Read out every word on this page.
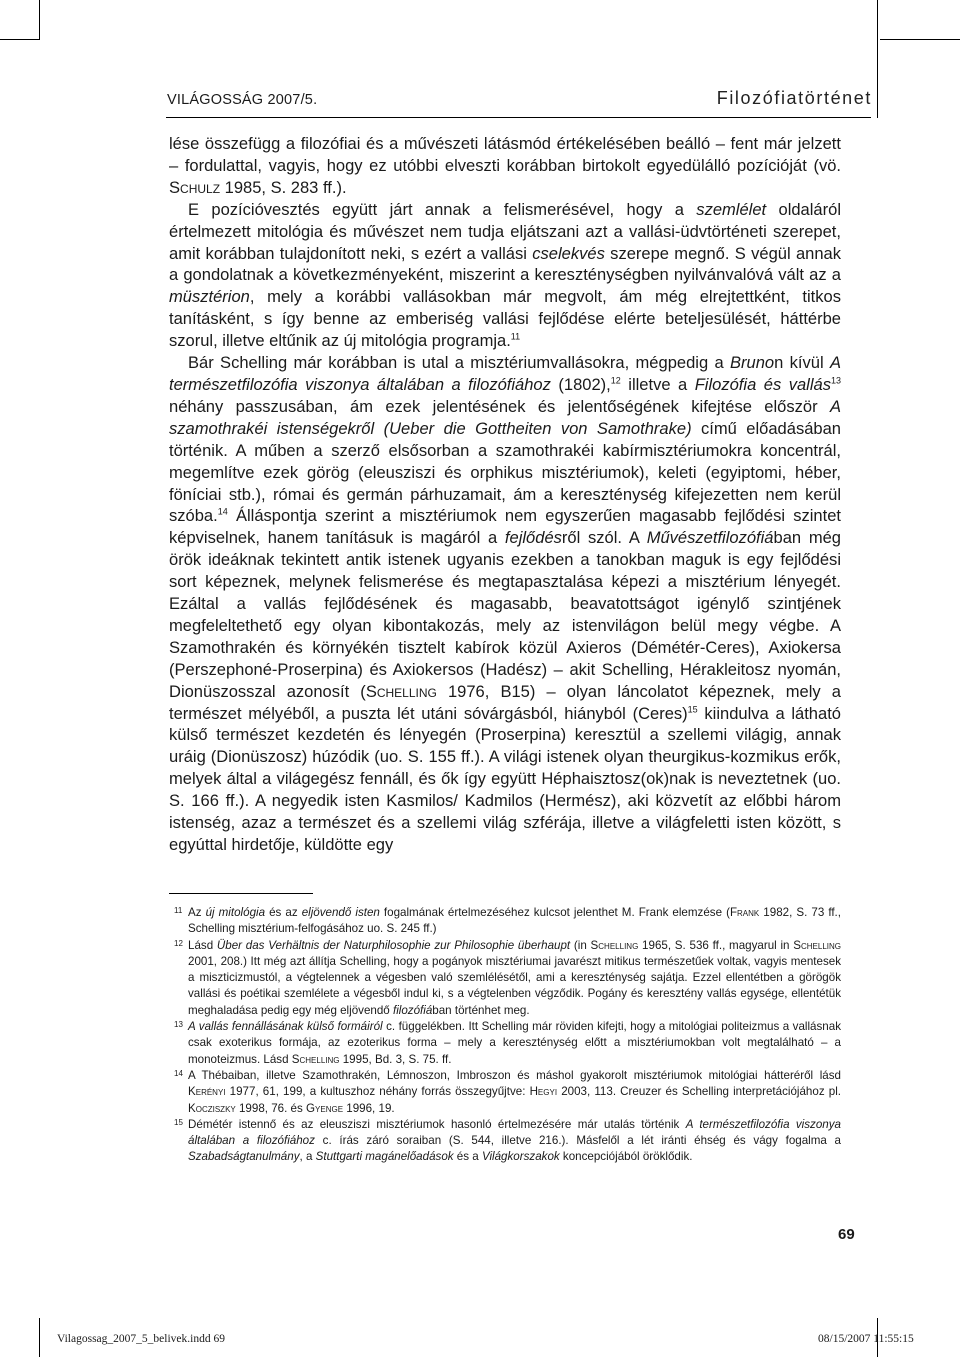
VILÁGOSSÁG 2007/5.	Filozófiatörténet

lése összefügg a filozófiai és a művészeti látásmód értékelésében beálló – fent már jelzett – fordulattal, vagyis, hogy ez utóbbi elveszti korábban birtokolt egyedülálló pozícióját (vö. Schulz 1985, S. 283 ff.).

E pozícióvesztés együtt járt annak a felismerésével, hogy a szemlélet oldaláról értelmezett mitológia és művészet nem tudja eljátszani azt a vallási-üdvtörténeti szerepet, amit korábban tulajdonított neki, s ezért a vallási cselekvés szerepe megnő. S végül annak a gondolatnak a következményeként, miszerint a kereszténységben nyilvánvalóvá vált az a müsztérion, mely a korábbi vallásokban már megvolt, ám még elrejtettként, titkos tanításként, s így benne az emberiség vallási fejlődése elérte beteljesülését, háttérbe szorul, illetve eltűnik az új mitológia programja.$^{11}$

Bár Schelling már korábban is utal a misztériumvallásokra, mégpedig a Brunon kívül A természetfilozófia viszonya általában a filozófiához (1802),$^{12}$ illetve a Filozófia és vallás$^{13}$ néhány passzusában, ám ezek jelentésének és jelentőségének kifejtése először A szamothrakéi istenségekről (Ueber die Gottheiten von Samothrake) című előadásában történik. A műben a szerző elsősorban a szamothrakéi kabírmisztériumokra koncentrál, megemlítve ezek görög (eleusziszi és orphikus misztériumok), keleti (egyiptomi, héber, föníciai stb.), római és germán párhuzamait, ám a kereszténység kifejezetten nem kerül szóba.$^{14}$ Álláspontja szerint a misztériumok nem egyszerűen magasabb fejlődési szintet képviselnek, hanem tanításuk is magáról a fejlődésről szól. A Művészetfilozófiában még örök ideáknak tekintett antik istenek ugyanis ezekben a tanokban maguk is egy fejlődési sort képeznek, melynek felismerése és megtapasztalása képezi a misztérium lényegét. Ezáltal a vallás fejlődésének és magasabb, beavatottságot igénylő szintjének megfeleltethető egy olyan kibontakozás, mely az istenvilágon belül megy végbe. A Szamothrakén és környékén tisztelt kabírok közül Axieros (Démétér-Ceres), Axiokersa (Perszephoné-Proserpina) és Axiokersos (Hadész) – akit Schelling, Hérakleitosz nyomán, Dionüszosszal azonosít (Schelling 1976, B15) – olyan láncolatot képeznek, mely a természet mélyéből, a puszta lét utáni sóvárgásból, hiányból (Ceres)$^{15}$ kiindulva a látható külső természet kezdetén és lényegén (Proserpina) keresztül a szellemi világig, annak uráig (Dionüszosz) húzódik (uo. S. 155 ff.). A világi istenek olyan theurgikus-kozmikus erők, melyek által a világegész fennáll, és ők így együtt Héphaisztosz(ok)nak is neveztetnek (uo. S. 166 ff.). A negyedik isten Kasmilos/ Kadmilos (Hermész), aki közvetít az előbbi három istenség, azaz a természet és a szellemi világ szférája, illetve a világfeletti isten között, s egyúttal hirdetője, küldötte egy

11 Az új mitológia és az eljövendő isten fogalmának értelmezéséhez kulcsot jelenthet M. Frank elemzése (Frank 1982, S. 73 ff., Schelling misztérium-felfogásához uo. S. 245 ff.)

12 Lásd Über das Verhältnis der Naturphilosophie zur Philosophie überhaupt (in Schelling 1965, S. 536 ff., magyarul in Schelling 2001, 208.) Itt még azt állítja Schelling, hogy a pogányok misztériumai javarészt mitikus természetűek voltak, vagyis mentesek a miszticizmustól, a végtelennek a végesben való szemlélésétől, ami a kereszténység sajátja. Ezzel ellentétben a görögök vallási és poétikai szemlélete a végesből indul ki, s a végtelenben végződik. Pogány és keresztény vallás egysége, ellentétük meghaladása pedig egy még eljövendő filozófiában történhet meg.

13 A vallás fennállásának külső formáiról c. függelékben. Itt Schelling már röviden kifejti, hogy a mitológiai politeizmus a vallásnak csak exoterikus formája, az ezoterikus forma – mely a kereszténység előtt a misztériumokban volt megtalálható – a monoteizmus. Lásd Schelling 1995, Bd. 3, S. 75. ff.

14 A Thébaiban, illetve Szamothrakén, Lémnoszon, Imbroszon és máshol gyakorolt misztériumok mitológiai hátteréről lásd Kerényi 1977, 61, 199, a kultuszhoz néhány forrás összegyűjtve: Hegyi 2003, 113. Creuzer és Schelling interpretációjához pl. Kocziszky 1998, 76. és Gyenge 1996, 19.

15 Démétér istennő és az eleusziszi misztériumok hasonló értelmezésére már utalás történik A természetfilozófia viszonya általában a filozófiához c. írás záró soraiban (S. 544, illetve 216.). Másfelől a lét iránti éhség és vágy fogalma a Szabadságtanulmány, a Stuttgarti magánelőadások és a Világkorszakok koncepciójából öröklődik.

69
Vilagossag_2007_5_belivek.indd 69	08/15/2007 11:55:15
